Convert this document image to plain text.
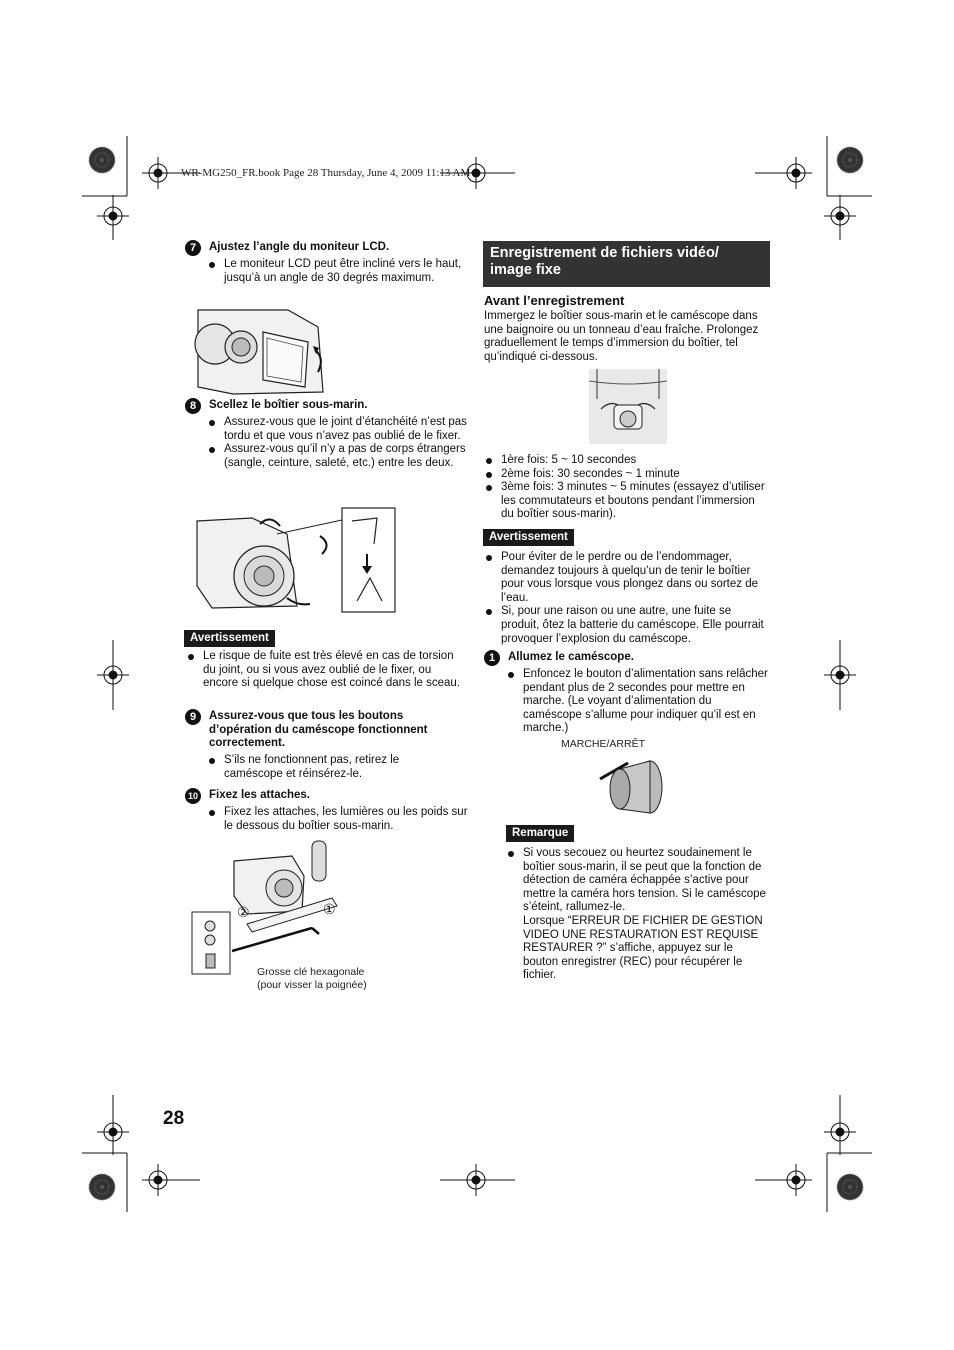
WR-MG250_FR.book Page 28 Thursday, June 4, 2009 11:13 AM
7	Ajustez l’angle du moniteur LCD.
Le moniteur LCD peut être incliné vers le haut, jusqu’à un angle de 30 degrés maximum.
8	Scellez le boîtier sous-marin.
Assurez-vous que le joint d’étanchéité n’est pas tordu et que vous n’avez pas oublié de le fixer.
Assurez-vous qu’il n’y a pas de corps étrangers (sangle, ceinture, saleté, etc.) entre les deux.
Avertissement
Le risque de fuite est très élevé en cas de torsion du joint, ou si vous avez oublié de le fixer, ou encore si quelque chose est coincé dans le sceau.
9	Assurez-vous que tous les boutons d’opération du caméscope fonctionnent correctement.
S’ils ne fonctionnent pas, retirez le caméscope et réinsérez-le.
10 Fixez les attaches.
Fixez les attaches, les lumières ou les poids sur le dessous du boîtier sous-marin.
①
②
Grosse clé hexagonale
(pour visser la poignée)
Enregistrement de fichiers vidéo/ image fixe
Avant l’enregistrement
Immergez le boîtier sous-marin et le caméscope dans une baignoire ou un tonneau d’eau fraîche. Prolongez graduellement le temps d’immersion du boîtier, tel qu’indiqué ci-dessous.
1ère fois: 5 ~ 10 secondes
2ème fois: 30 secondes ~ 1 minute
3ème fois: 3 minutes ~ 5 minutes (essayez d’utiliser les commutateurs et boutons pendant l’immersion du boîtier sous-marin).
Avertissement
Pour éviter de le perdre ou de l’endommager, demandez toujours à quelqu’un de tenir le boîtier pour vous lorsque vous plongez dans ou sortez de l’eau.
Si, pour une raison ou une autre, une fuite se produit, ôtez la batterie du caméscope. Elle pourrait provoquer l’explosion du caméscope.
1	Allumez le caméscope.
Enfoncez le bouton d’alimentation sans relâcher pendant plus de 2 secondes pour mettre en marche. (Le voyant d’alimentation du caméscope s’allume pour indiquer qu’il est en marche.)
MARCHE/ARRÊT
Remarque
Si vous secouez ou heurtez soudainement le boîtier sous-marin, il se peut que la fonction de détection de caméra échappée s’active pour mettre la caméra hors tension. Si le caméscope s’éteint, rallumez-le.
Lorsque “ERREUR DE FICHIER DE GESTION VIDEO UNE RESTAURATION EST REQUISE RESTAURER ?” s’affiche, appuyez sur le bouton enregistrer (REC) pour récupérer le fichier.
28
